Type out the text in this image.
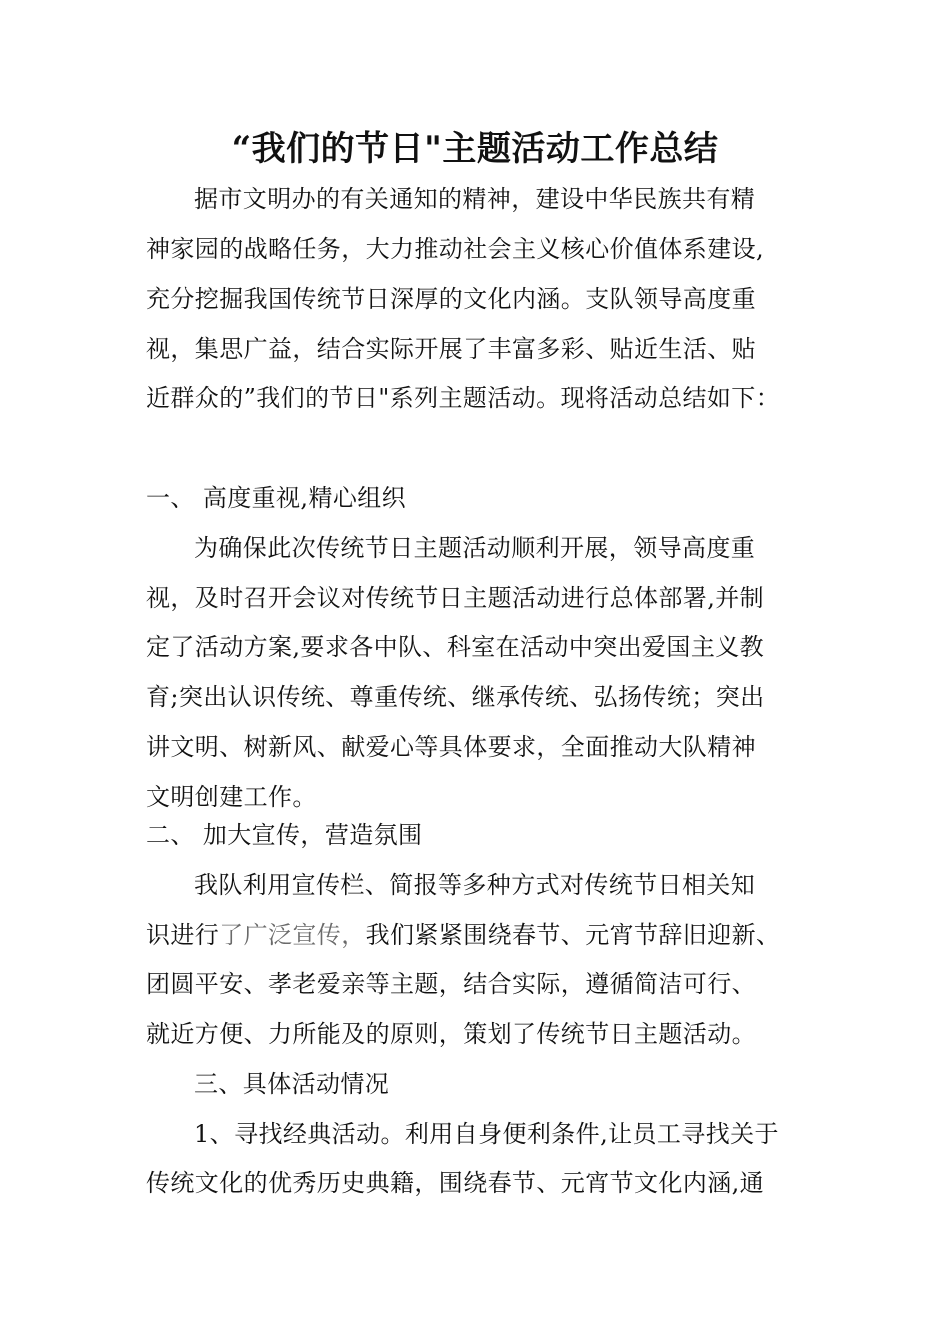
“我们的节日"主题活动工作总结
据市文明办的有关通知的精神，建设中华民族共有精
神家园的战略任务，大力推动社会主义核心价值体系建设,
充分挖掘我国传统节日深厚的文化内涵。支队领导高度重
视，集思广益，结合实际开展了丰富多彩、贴近生活、贴
近群众的”我们的节日"系列主题活动。现将活动总结如下：
一、 高度重视,精心组织
为确保此次传统节日主题活动顺利开展，领导高度重
视，及时召开会议对传统节日主题活动进行总体部署,并制
定了活动方案,要求各中队、科室在活动中突出爱国主义教
育;突出认识传统、尊重传统、继承传统、弘扬传统；突出
讲文明、树新风、献爱心等具体要求，全面推动大队精神
文明创建工作。
二、 加大宣传，营造氛围
我队利用宣传栏、简报等多种方式对传统节日相关知
识进行了广泛宣传，我们紧紧围绕春节、元宵节辞旧迎新、
团圆平安、孝老爱亲等主题，结合实际，遵循简洁可行、
就近方便、力所能及的原则，策划了传统节日主题活动。
三、具体活动情况
1、寻找经典活动。利用自身便利条件,让员工寻找关于
传统文化的优秀历史典籍，围绕春节、元宵节文化内涵,通
